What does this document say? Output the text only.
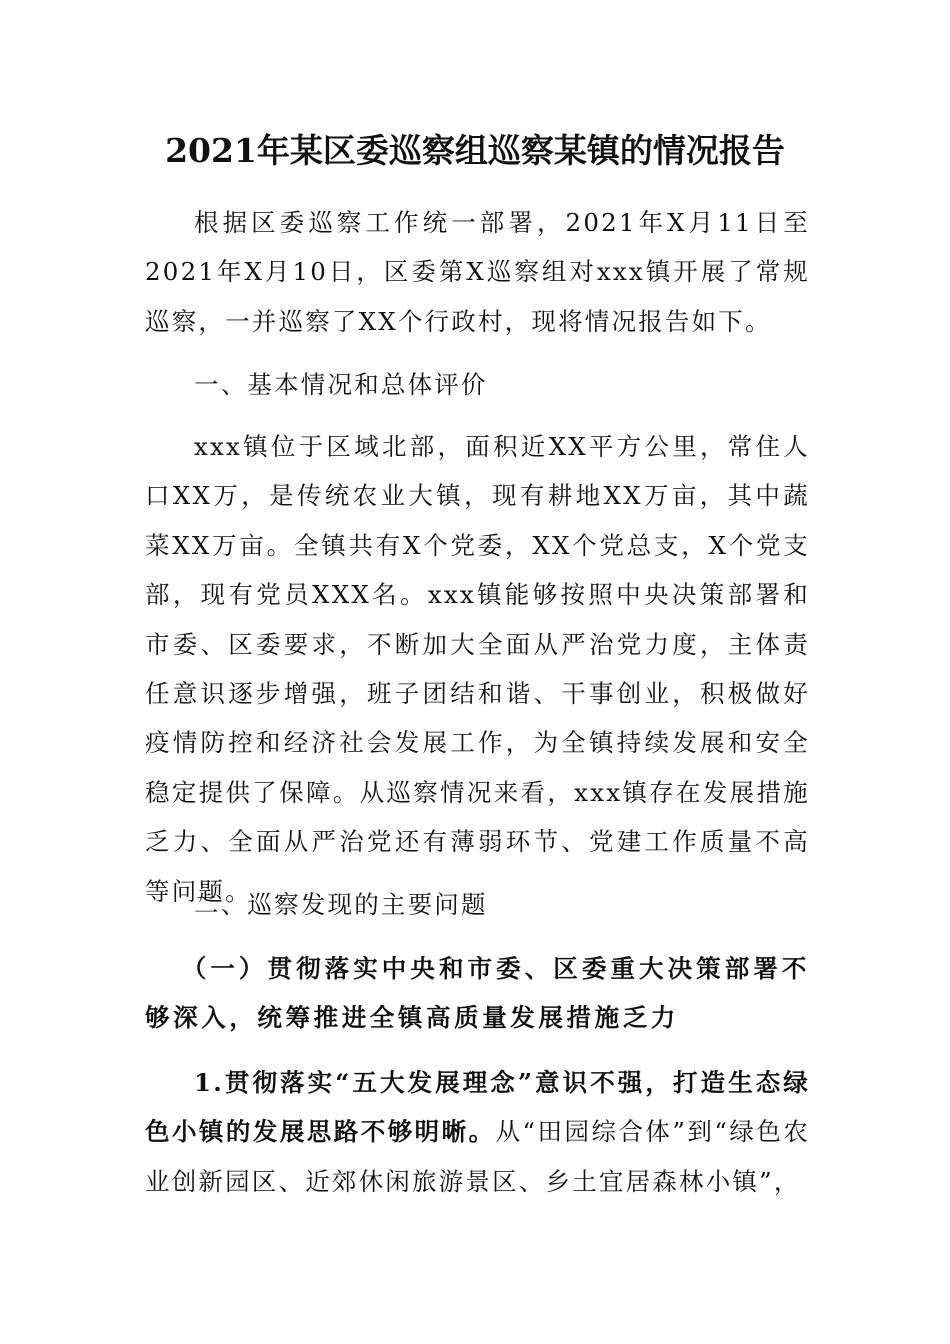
2021年某区委巡察组巡察某镇的情况报告

根据区委巡察工作统一部署，2021年X月11日至2021年X月10日，区委第X巡察组对xxx镇开展了常规巡察，一并巡察了XX个行政村，现将情况报告如下。

一、基本情况和总体评价

xxx镇位于区域北部，面积近XX平方公里，常住人口XX万，是传统农业大镇，现有耕地XX万亩，其中蔬菜XX万亩。全镇共有X个党委，XX个党总支，X个党支部，现有党员XXX名。xxx镇能够按照中央决策部署和市委、区委要求，不断加大全面从严治党力度，主体责任意识逐步增强，班子团结和谐、干事创业，积极做好疫情防控和经济社会发展工作，为全镇持续发展和安全稳定提供了保障。从巡察情况来看，xxx镇存在发展措施乏力、全面从严治党还有薄弱环节、党建工作质量不高等问题。

二、巡察发现的主要问题

（一）贯彻落实中央和市委、区委重大决策部署不够深入，统筹推进全镇高质量发展措施乏力

1.贯彻落实“五大发展理念”意识不强，打造生态绿色小镇的发展思路不够明晰。从“田园综合体”到“绿色农业创新园区、近郊休闲旅游景区、乡土宜居森林小镇”，
